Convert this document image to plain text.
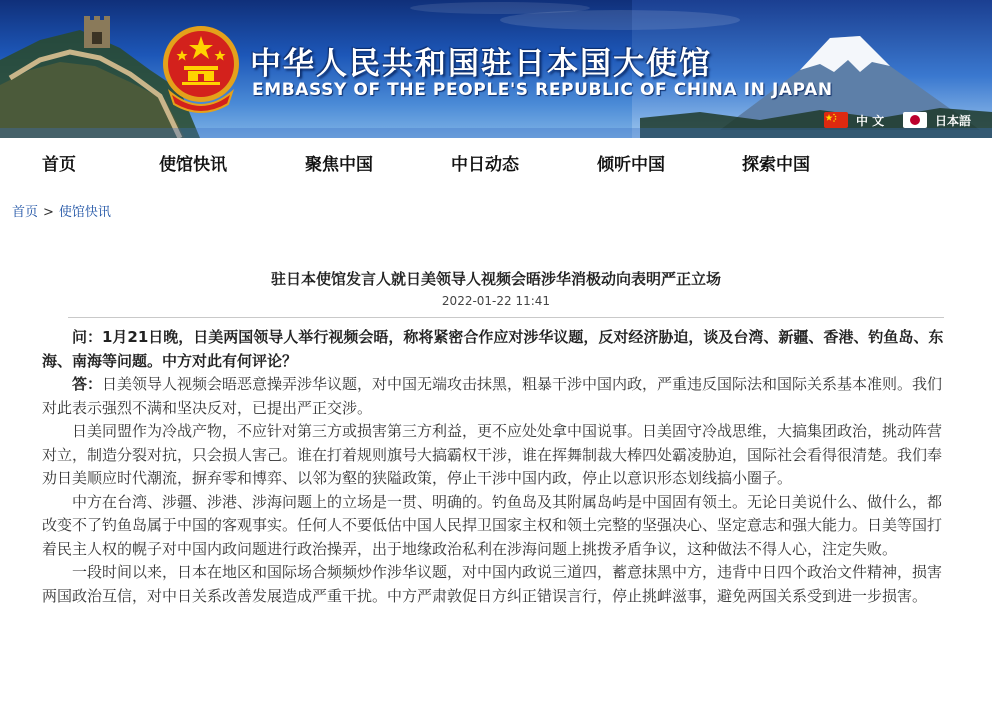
中华人民共和国驻日本国大使馆
EMBASSY OF THE PEOPLE'S REPUBLIC OF CHINA IN JAPAN
中 文	日本語
首页	使馆快讯	聚焦中国	中日动态	倾听中国	探索中国
首页 > 使馆快讯
驻日本使馆发言人就日美领导人视频会晤涉华消极动向表明严正立场
2022-01-22 11:41

问：1月21日晚，日美两国领导人举行视频会晤，称将紧密合作应对涉华议题，反对经济胁迫，谈及台湾、新疆、香港、钓鱼岛、东海、南海等问题。中方对此有何评论？

答：日美领导人视频会晤恶意操弄涉华议题，对中国无端攻击抹黑，粗暴干涉中国内政，严重违反国际法和国际关系基本准则。我们对此表示强烈不满和坚决反对，已提出严正交涉。

日美同盟作为冷战产物，不应针对第三方或损害第三方利益，更不应处处拿中国说事。日美固守冷战思维，大搞集团政治，挑动阵营对立，制造分裂对抗，只会损人害己。谁在打着规则旗号大搞霸权干涉，谁在挥舞制裁大棒四处霸凌胁迫，国际社会看得很清楚。我们奉劝日美顺应时代潮流，摒弃零和博弈、以邻为壑的狭隘政策，停止干涉中国内政，停止以意识形态划线搞小圈子。

中方在台湾、涉疆、涉港、涉海问题上的立场是一贯、明确的。钓鱼岛及其附属岛屿是中国固有领土。无论日美说什么、做什么，都改变不了钓鱼岛属于中国的客观事实。任何人不要低估中国人民捍卫国家主权和领土完整的坚强决心、坚定意志和强大能力。日美等国打着民主人权的幌子对中国内政问题进行政治操弄，出于地缘政治私利在涉海问题上挑拨矛盾争议，这种做法不得人心，注定失败。

一段时间以来，日本在地区和国际场合频频炒作涉华议题，对中国内政说三道四，蓄意抹黑中方，违背中日四个政治文件精神，损害两国政治互信，对中日关系改善发展造成严重干扰。中方严肃敦促日方纠正错误言行，停止挑衅滋事，避免两国关系受到进一步损害。
